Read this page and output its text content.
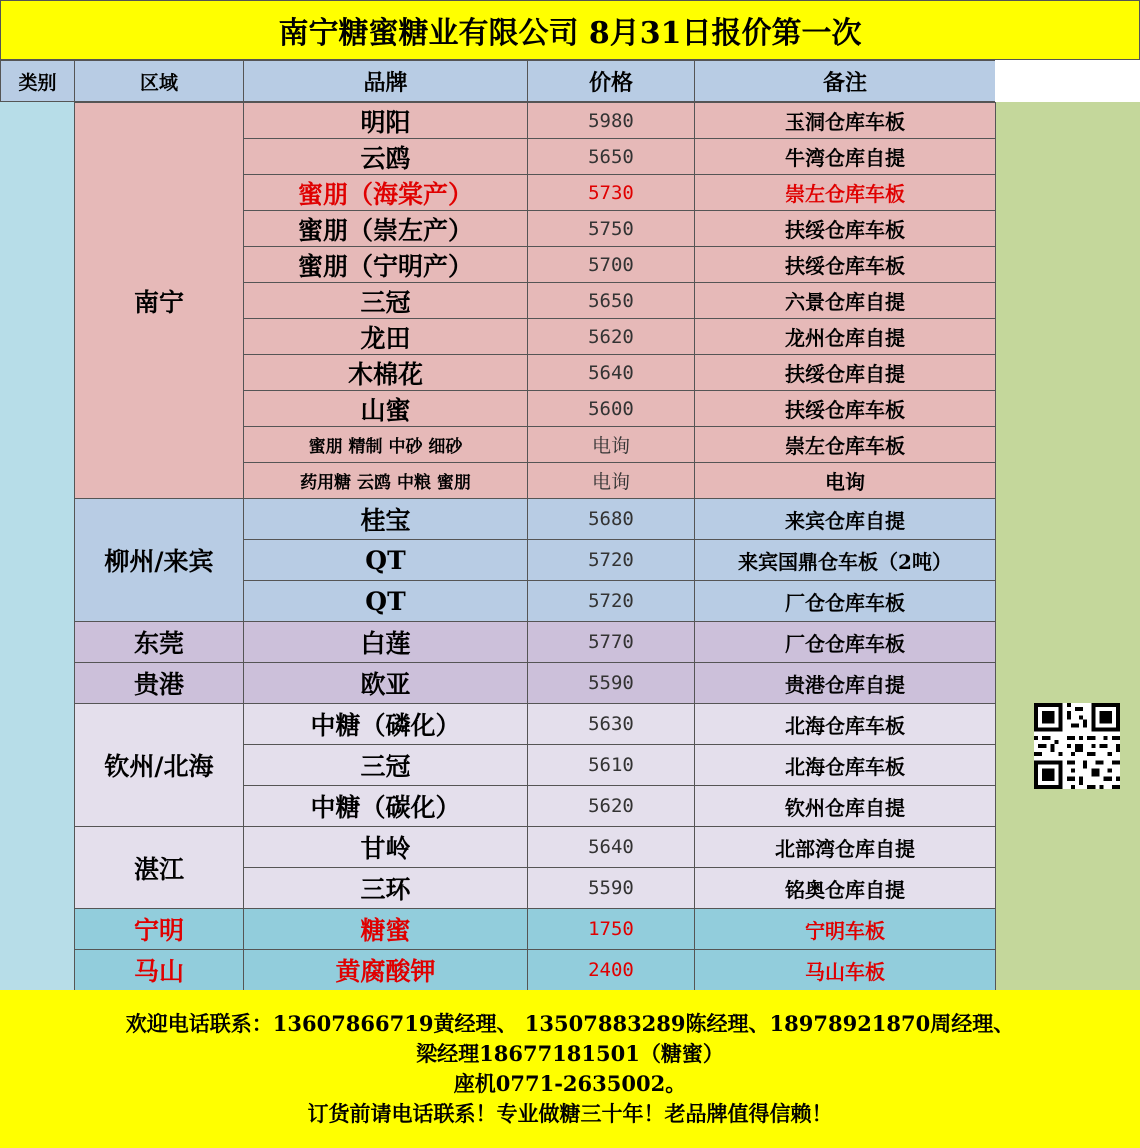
南宁糖蜜糖业有限公司 8月31日报价第一次
类别	区域	品牌	价格	备注
南宁
明阳	5980	玉洞仓库车板
云鸥	5650	牛湾仓库自提
蜜朋（海棠产）	5730	崇左仓库车板
蜜朋（崇左产）	5750	扶绥仓库车板
蜜朋（宁明产）	5700	扶绥仓库车板
三冠	5650	六景仓库自提
龙田	5620	龙州仓库自提
木棉花	5640	扶绥仓库自提
山蜜	5600	扶绥仓库车板
蜜朋 精制 中砂 细砂	电询	崇左仓库车板
药用糖 云鸥 中粮 蜜朋	电询	电询
柳州/来宾
桂宝	5680	来宾仓库自提
QT	5720	来宾国鼎仓车板（2吨）
QT	5720	厂仓仓库车板
东莞	白莲	5770	厂仓仓库车板
贵港	欧亚	5590	贵港仓库自提
钦州/北海
中糖（磷化）	5630	北海仓库车板
三冠	5610	北海仓库车板
中糖（碳化）	5620	钦州仓库自提
湛江
甘岭	5640	北部湾仓库自提
三环	5590	铭奥仓库自提
宁明	糖蜜	1750	宁明车板
马山	黄腐酸钾	2400	马山车板
欢迎电话联系：13607866719黄经理、 13507883289陈经理、18978921870周经理、
梁经理18677181501（糖蜜）
座机0771-2635002。
订货前请电话联系！专业做糖三十年！老品牌值得信赖！
